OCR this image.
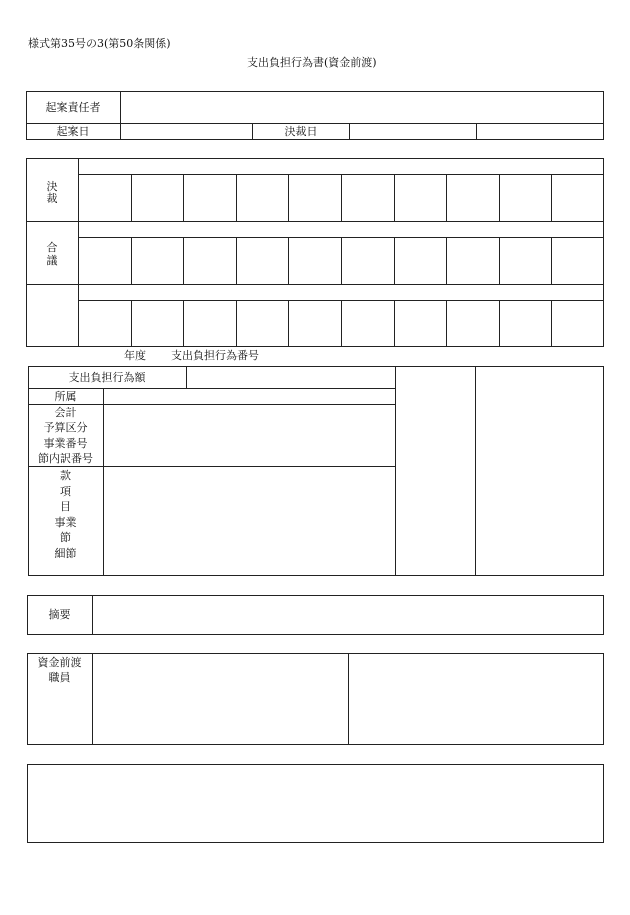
様式第35号の3(第50条関係)
支出負担行為書(資金前渡)
起案責任者
起案日	決裁日
決
裁
合
議
年度 支出負担行為番号
支出負担行為額
所属
会計
予算区分
事業番号
節内訳番号
款
項
目
事業
節
細節
摘要
資金前渡
職員
